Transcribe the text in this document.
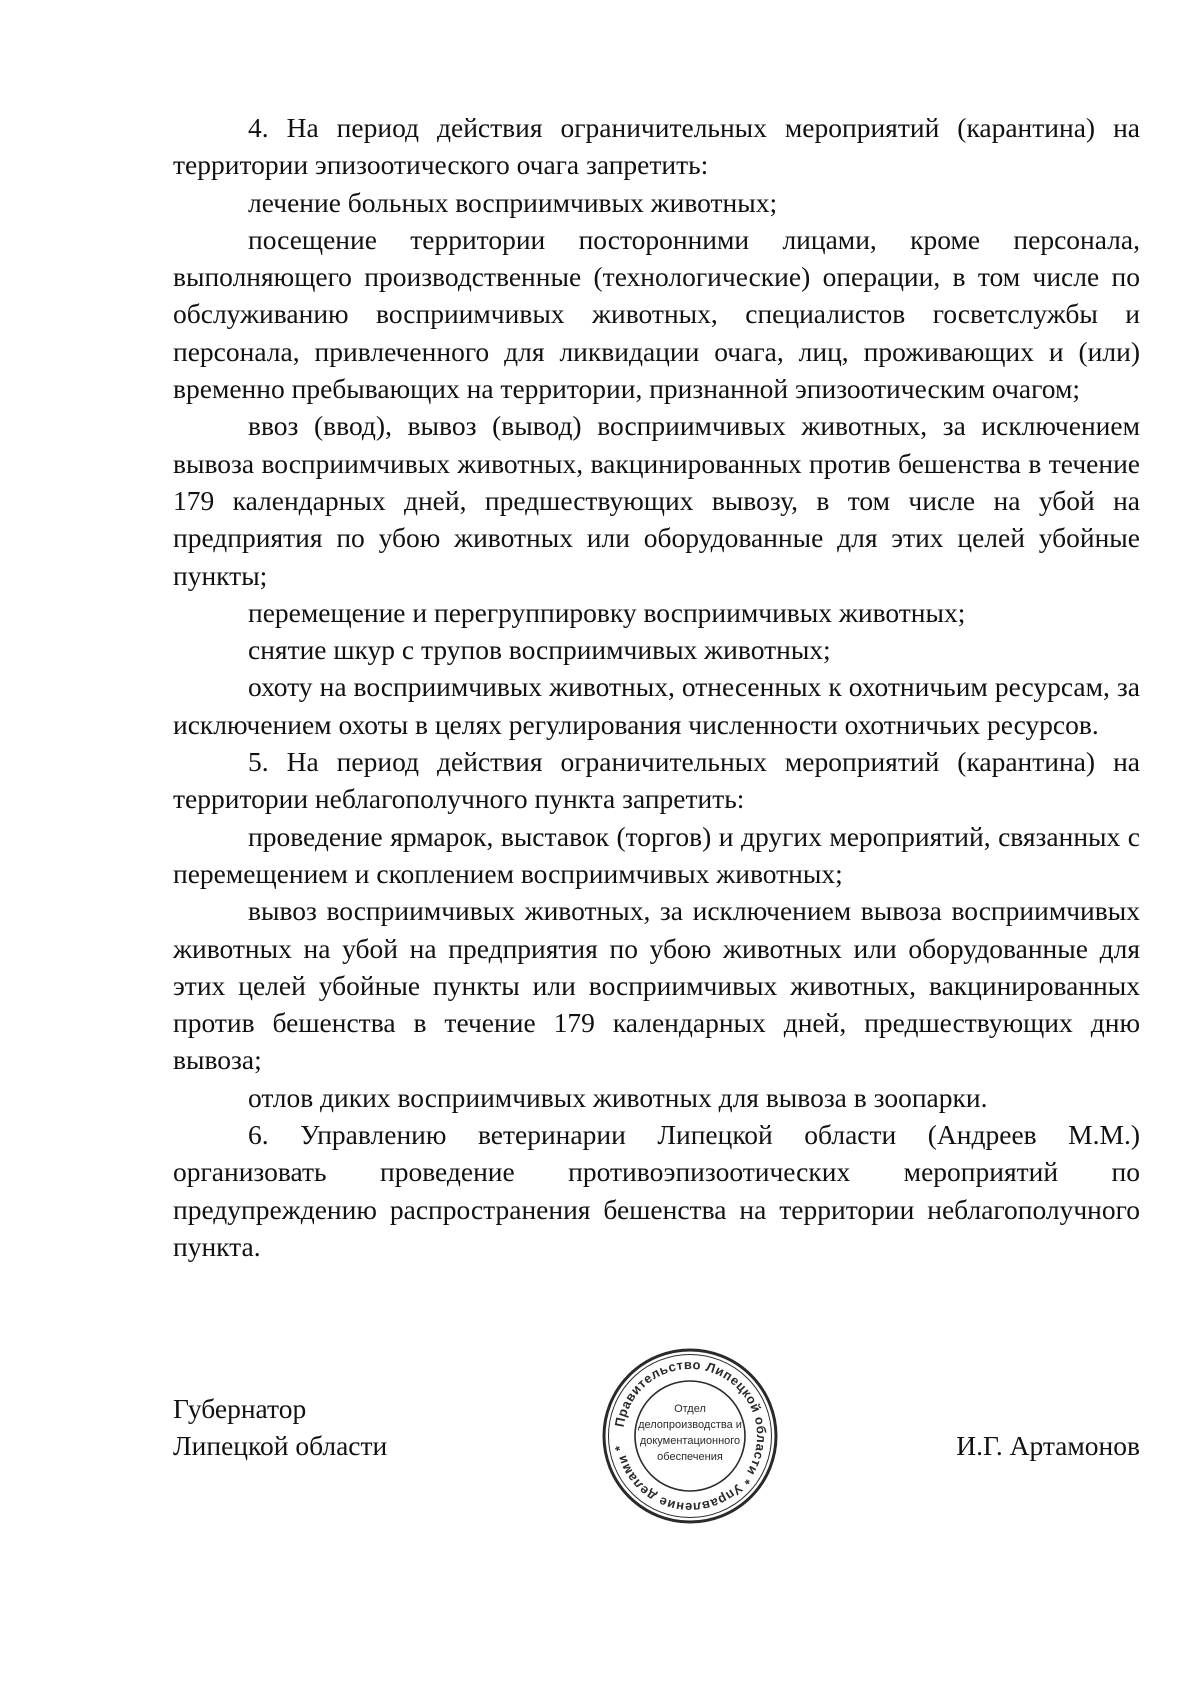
4. На период действия ограничительных мероприятий (карантина) на территории эпизоотического очага запретить:

лечение больных восприимчивых животных;

посещение территории посторонними лицами, кроме персонала, выполняющего производственные (технологические) операции, в том числе по обслуживанию восприимчивых животных, специалистов госветслужбы и персонала, привлеченного для ликвидации очага, лиц, проживающих и (или) временно пребывающих на территории, признанной эпизоотическим очагом;

ввоз (ввод), вывоз (вывод) восприимчивых животных, за исключением вывоза восприимчивых животных, вакцинированных против бешенства в течение 179 календарных дней, предшествующих вывозу, в том числе на убой на предприятия по убою животных или оборудованные для этих целей убойные пункты;

перемещение и перегруппировку восприимчивых животных;

снятие шкур с трупов восприимчивых животных;

охоту на восприимчивых животных, отнесенных к охотничьим ресурсам, за исключением охоты в целях регулирования численности охотничьих ресурсов.

5. На период действия ограничительных мероприятий (карантина) на территории неблагополучного пункта запретить:

проведение ярмарок, выставок (торгов) и других мероприятий, связанных с перемещением и скоплением восприимчивых животных;

вывоз восприимчивых животных, за исключением вывоза восприимчивых животных на убой на предприятия по убою животных или оборудованные для этих целей убойные пункты или восприимчивых животных, вакцинированных против бешенства в течение 179 календарных дней, предшествующих дню вывоза;

отлов диких восприимчивых животных для вывоза в зоопарки.

6. Управлению ветеринарии Липецкой области (Андреев М.М.) организовать проведение противоэпизоотических мероприятий по предупреждению распространения бешенства на территории неблагополучного пункта.

Губернатор
Липецкой области
Правительство Липецкой области * Управление делами *
Отдел
делопроизводства и
документационного
обеспечения	И.Г. Артамонов
